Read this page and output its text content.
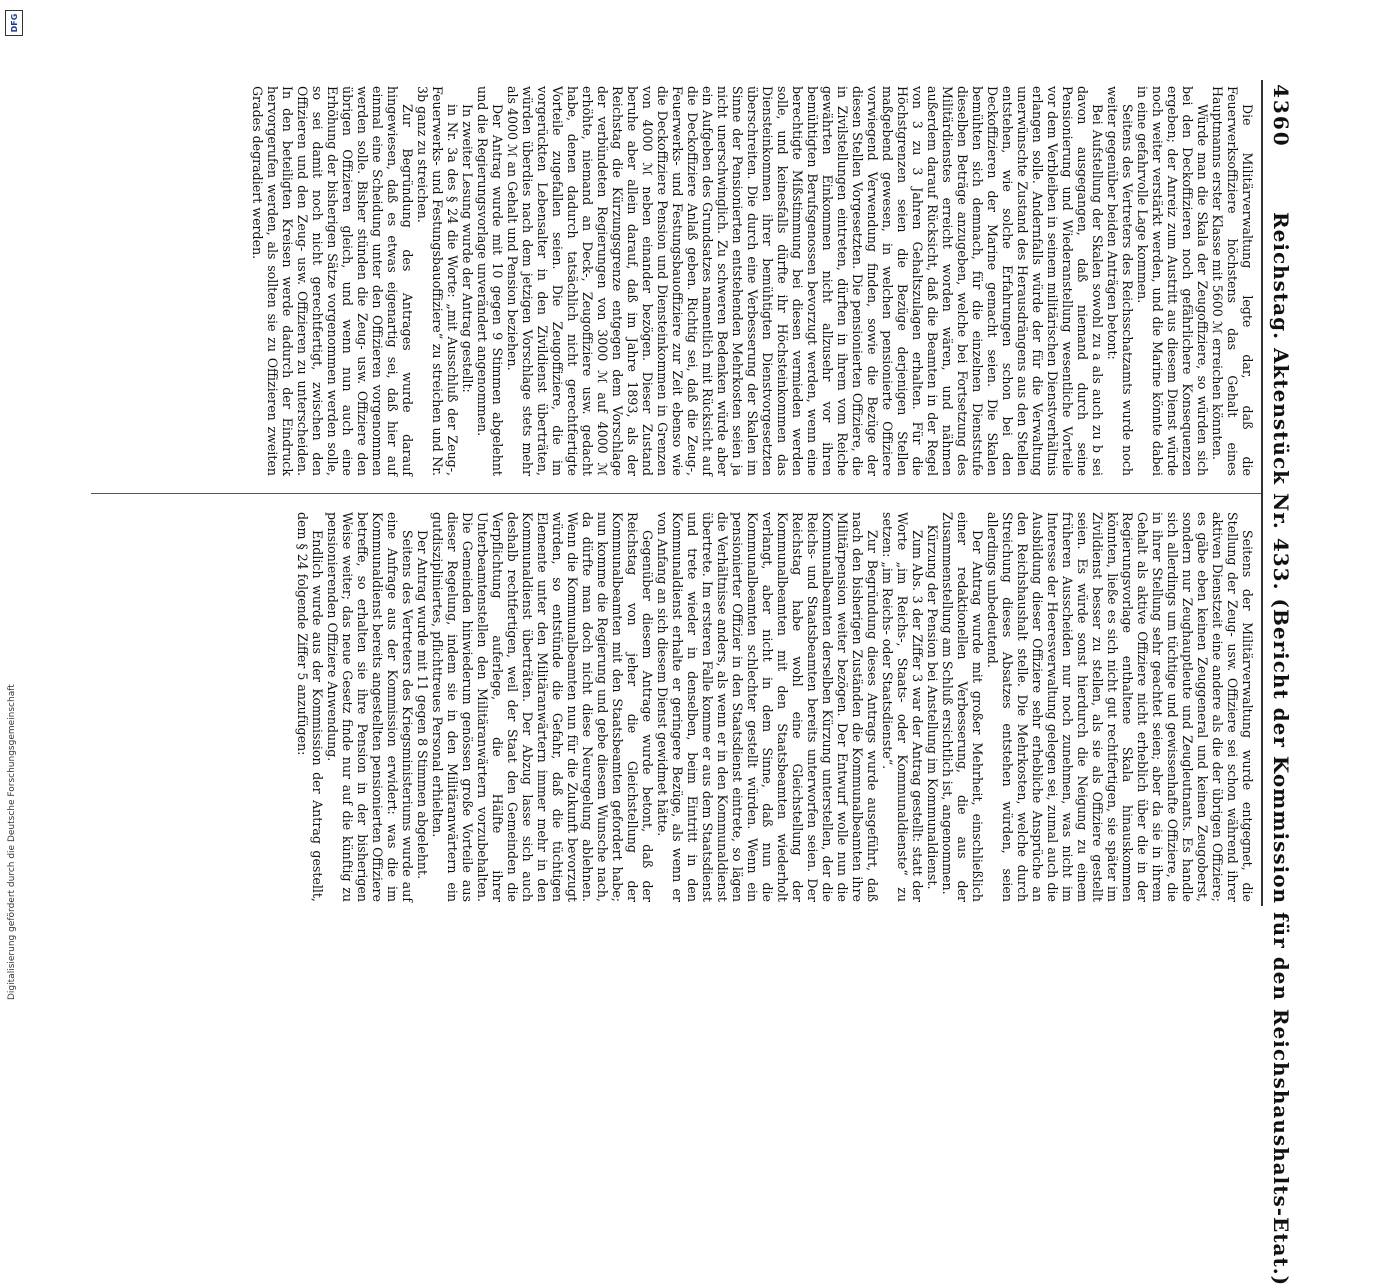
4360
Reichstag. Aktenstück Nr. 433. (Bericht der Kommission für den Reichshaushalts-Etat.)

Die Militärverwaltung legte dar, daß die Feuerwerksoffiziere höchstens das Gehalt eines Hauptmanns erster Klasse mit 5600 ℳ erreichen könnten.

Würde man die Skala der Zeugoffiziere, so würden sich bei den Deckoffizieren noch gefährlichere Konsequenzen ergeben; der Anreiz zum Austritt aus diesem Dienst würde noch weiter verstärkt werden, und die Marine könnte dabei in eine gefahrvolle Lage kommen.

Seitens des Vertreters des Reichsschatzamts wurde noch weiter gegenüber beiden Anträgen betont:

Bei Aufstellung der Skalen sowohl zu a als auch zu b sei davon ausgegangen, daß niemand durch seine Pensionierung und Wiederanstellung wesentliche Vorteile vor dem Verbleiben in seinem militärischen Dienstverhältnis erlangen solle. Andernfalls würde der für die Verwaltung unerwünschte Zustand des Herausdrängens aus den Stellen entstehen, wie solche Erfahrungen schon bei den Deckoffizieren der Marine gemacht seien. Die Skalen bemühten sich demnach, für die einzelnen Dienststufe dieselben Beträge anzugeben, welche bei Fortsetzung des Militärdienstes erreicht worden wären, und nähmen außerdem darauf Rücksicht, daß die Beamten in der Regel von 3 zu 3 Jahren Gehaltszulagen erhalten. Für die Höchstgrenzen seien die Bezüge derjenigen Stellen maßgebend gewesen, in welchen pensionierte Offiziere vorwiegend Verwendung finden, sowie die Bezüge der diesen Stellen Vorgesetzten. Die pensionierten Offiziere, die in Zivilstellungen eintreten, dürften in ihrem vom Reiche gewährten Einkommen nicht allzusehr vor ihren bemühtigten Berufsgenossen bevorzugt werden, wenn eine berechtigte Mißstimmung bei diesen vermieden werden solle, und keinesfalls dürfte ihr Höchsteinkommen das Diensteinkommen ihrer bemühtigten Dienstvorgesetzten überschreiten. Die durch eine Verbesserung der Skalen im Sinne der Pensionierten entstehenden Mehrkosten seien ja nicht unerschwinglich. Zu schweren Bedenken würde aber ein Aufgeben des Grundsatzes namentlich mit Rücksicht auf die Deckoffiziere Anlaß geben. Richtig sei, daß die Zeug-, Feuerwerks- und Festungsbauoffiziere zur Zeit ebenso wie die Deckoffiziere Pension und Diensteinkommen in Grenzen von 4000 ℳ neben einander bezögen. Dieser Zustand beruhe aber allein darauf, daß im Jahre 1893, als der Reichstag die Kürzungsgrenze entgegen dem Vorschlage der verbündeten Regierungen von 3000 ℳ auf 4000 ℳ erhöhte, niemand an Deck-, Zeugoffiziere usw. gedacht habe, denen dadurch tatsächlich nicht gerechtfertigte Vorteile zugefallen seien. Die Zeugoffiziere, die im vorgerückten Lebensalter in den Zivildienst überträten, würden überdies nach dem jetzigen Vorschlage stets mehr als 4000 ℳ an Gehalt und Pension beziehen.

Der Antrag wurde mit 10 gegen 9 Stimmen abgelehnt und die Regierungsvorlage unverändert angenommen.

In zweiter Lesung wurde der Antrag gestellt:

in Nr. 3a des § 24 die Worte: „mit Ausschluß der Zeug-, Feuerwerks- und Festungsbauoffiziere“ zu streichen und Nr. 3b ganz zu streichen.

Zur Begründung des Antrages wurde darauf hingewiesen, daß es etwas eigenartig sei, daß hier auf einmal eine Scheidung unter den Offizieren vorgenommen werden solle. Bisher stünden die Zeug- usw. Offiziere den übrigen Offizieren gleich, und wenn nun auch eine Erhöhung der bisherigen Sätze vorgenommen werden solle, so sei damit noch nicht gerechtfertigt, zwischen den Offizieren und den Zeug- usw. Offizieren zu unterscheiden. In den beteiligten Kreisen werde dadurch der Eindruck hervorgerufen werden, als sollten sie zu Offizieren zweiten Grades degradiert werden.

Seitens der Militärverwaltung wurde entgegnet, die Stellung der Zeug- usw. Offiziere sei schon während ihrer aktiven Dienstzeit eine andere als die der übrigen Offiziere; es gäbe eben keinen Zeuggeneral und keinen Zeugoberst, sondern nur Zeughauptleute und Zeugleutnants. Es handle sich allerdings um tüchtige und gewissenhafte Offiziere, die in ihrer Stellung sehr geachtet seien; aber da sie in ihrem Gehalt als aktive Offiziere nicht erheblich über die in der Regierungsvorlage enthaltene Skala hinauskommen könnten, ließe es sich nicht gut rechtfertigen, sie später im Zivildienst besser zu stellen, als sie als Offiziere gestellt seien. Es würde sonst hierdurch die Neigung zu einem früheren Ausscheiden nur noch zunehmen, was nicht im Interesse der Heeresverwaltung gelegen sei, zumal auch die Ausbildung dieser Offiziere sehr erhebliche Ansprüche an den Reichshaushalt stelle. Die Mehrkosten, welche durch Streichung dieses Absatzes entstehen würden, seien allerdings unbedeutend.

Der Antrag wurde mit großer Mehrheit, einschließlich einer redaktionellen Verbesserung, die aus der Zusammenstellung am Schluß ersichtlich ist, angenommen.

Kürzung der Pension bei Anstellung im Kommunaldienst.

Zum Abs. 3 der Ziffer 3 war der Antrag gestellt: statt der Worte „im Reichs-, Staats- oder Kommunaldienste“ zu setzen: „im Reichs- oder Staatsdienste“.

Zur Begründung dieses Antrags wurde ausgeführt, daß nach den bisherigen Zuständen die Kommunalbeamten ihre Militärpension weiter bezögen. Der Entwurf wolle nun die Kommunalbeamten derselben Kürzung unterstellen, der die Reichs- und Staatsbeamten bereits unterworfen seien. Der Reichstag habe wohl eine Gleichstellung der Kommunalbeamten mit den Staatsbeamten wiederholt verlangt, aber nicht in dem Sinne, daß nun die Kommunalbeamten schlechter gestellt würden. Wenn ein pensionierter Offizier in den Staatsdienst eintrete, so lägen die Verhältnisse anders, als wenn er in den Kommunaldienst übertrete. Im ersteren Falle komme er aus dem Staatsdienst und trete wieder in denselben, beim Eintritt in den Kommunaldienst erhalte er geringere Bezüge, als wenn er von Anfang an sich diesem Dienst gewidmet hätte.

Gegenüber diesem Antrage wurde betont, daß der Reichstag von jeher die Gleichstellung der Kommunalbeamten mit den Staatsbeamten gefordert habe; nun komme die Regierung und gebe diesem Wunsche nach, da dürfte man doch nicht diese Neuregelung ablehnen. Wenn die Kommunalbeamten nun für die Zukunft bevorzugt würden, so entstünde die Gefahr, daß die tüchtigen Elemente unter den Militäranwärtern immer mehr in den Kommunaldienst überträten. Der Abzug lasse sich auch deshalb rechtfertigen, weil der Staat den Gemeinden die Verpflichtung auferlege, die Hälfte ihrer Unterbeamtenstellen den Militäranwärtern vorzubehalten. Die Gemeinden hinwiederum genössen große Vorteile aus dieser Regelung, indem sie in den Militäranwärtern ein gutdiszipliniertes, pflichttreues Personal erhielten.

Der Antrag wurde mit 11 gegen 8 Stimmen abgelehnt.

Seitens des Vertreters des Kriegsministeriums wurde auf eine Anfrage aus der Kommission erwidert: was die im Kommunaldienst bereits angestellten pensionierten Offiziere betreffe, so erhalten sie ihre Pension in der bisherigen Weise weiter; das neue Gesetz finde nur auf die künftig zu pensionierenden Offiziere Anwendung.

Endlich wurde aus der Kommission der Antrag gestellt, dem § 24 folgende Ziffer 5 anzufügen:

Digitalisierung gefördert durch die Deutsche Forschungsgemeinschaft
DFG
